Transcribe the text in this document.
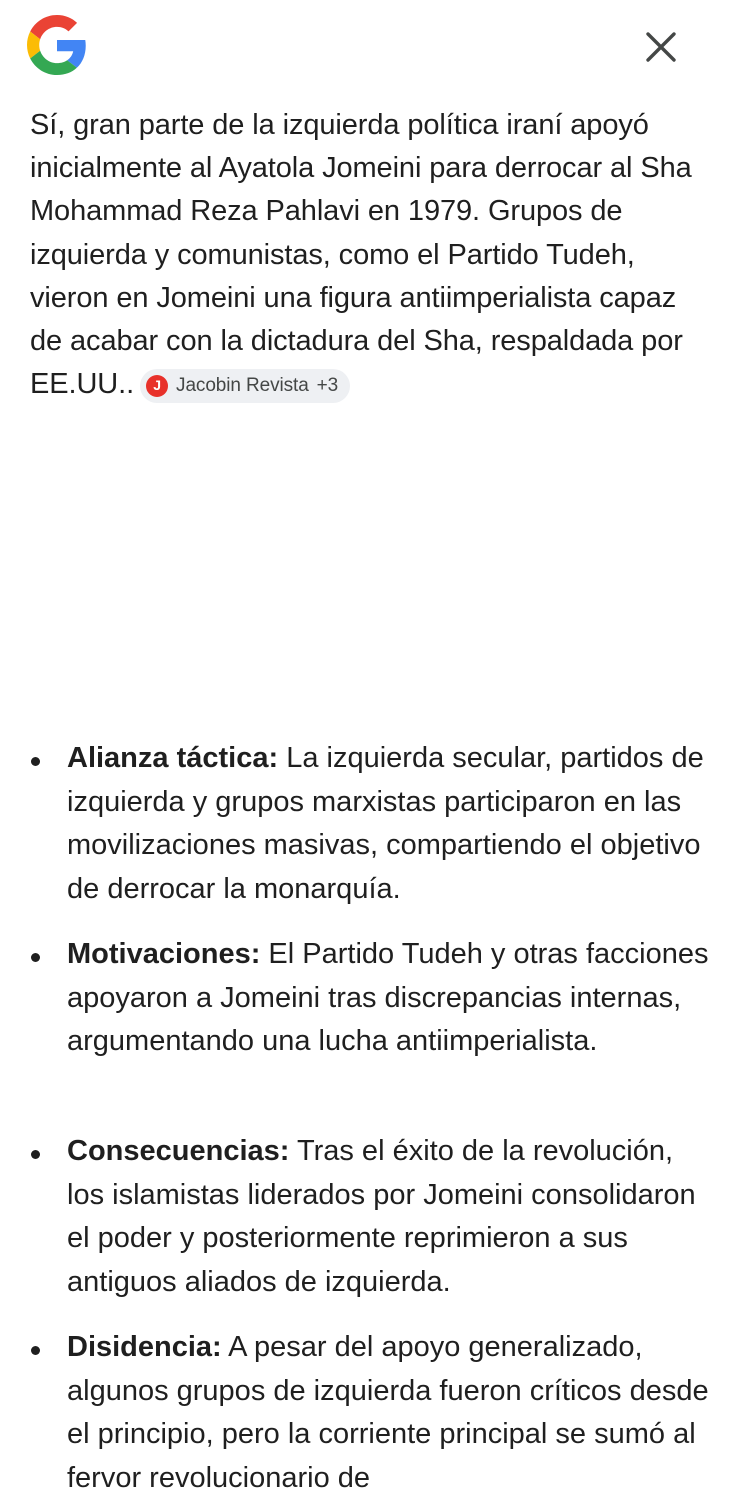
Sí, gran parte de la izquierda política iraní apoyó inicialmente al Ayatola Jomeini para derrocar al Sha Mohammad Reza Pahlavi en 1979. Grupos de izquierda y comunistas, como el Partido Tudeh, vieron en Jomeini una figura antiimperialista capaz de acabar con la dictadura del Sha, respaldada por EE.UU..	J Jacobin Revista +3

Alianza táctica: La izquierda secular, partidos de izquierda y grupos marxistas participaron en las movilizaciones masivas, compartiendo el objetivo de derrocar la monarquía.
Motivaciones: El Partido Tudeh y otras facciones apoyaron a Jomeini tras discrepancias internas, argumentando una lucha antiimperialista.
Consecuencias: Tras el éxito de la revolución, los islamistas liderados por Jomeini consolidaron el poder y posteriormente reprimieron a sus antiguos aliados de izquierda.
Disidencia: A pesar del apoyo generalizado, algunos grupos de izquierda fueron críticos desde el principio, pero la corriente principal se sumó al fervor revolucionario de
